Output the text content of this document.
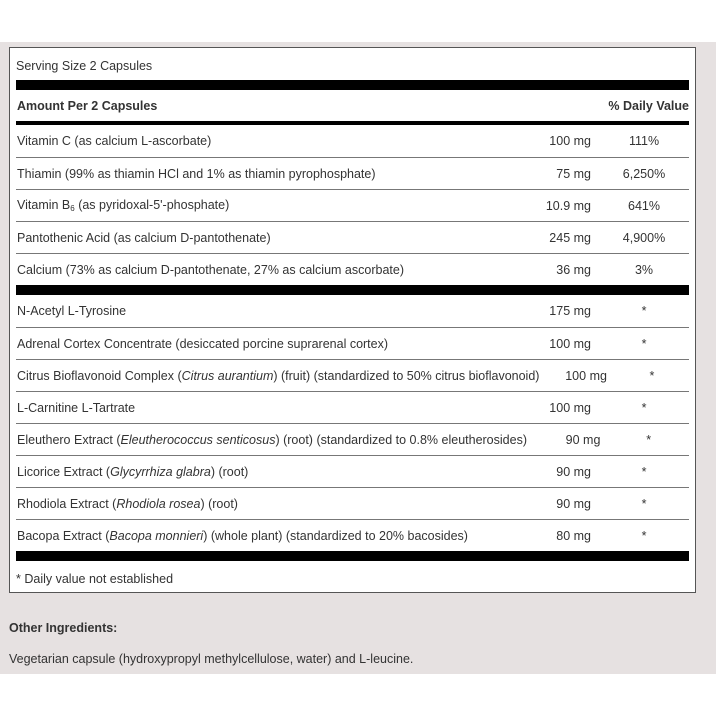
Serving Size 2 Capsules
Amount Per 2 Capsules	% Daily Value
Vitamin C (as calcium L-ascorbate)	100 mg	111%
Thiamin (99% as thiamin HCl and 1% as thiamin pyrophosphate)	75 mg	6,250%
Vitamin $B_6$ (as pyridoxal-5'-phosphate)	10.9 mg	641%
Pantothenic Acid (as calcium D-pantothenate)	245 mg	4,900%
Calcium (73% as calcium D-pantothenate, 27% as calcium ascorbate)	36 mg	3%
N-Acetyl L-Tyrosine	175 mg	*
Adrenal Cortex Concentrate (desiccated porcine suprarenal cortex)	100 mg	*
Citrus Bioflavonoid Complex (Citrus aurantium) (fruit) (standardized to 50% citrus bioflavonoid)	100 mg	*
L-Carnitine L-Tartrate	100 mg	*
Eleuthero Extract (Eleutherococcus senticosus) (root) (standardized to 0.8% eleutherosides)	90 mg	*
Licorice Extract (Glycyrrhiza glabra) (root)	90 mg	*
Rhodiola Extract (Rhodiola rosea) (root)	90 mg	*
Bacopa Extract (Bacopa monnieri) (whole plant) (standardized to 20% bacosides)	80 mg	*
* Daily value not established
Other Ingredients:
Vegetarian capsule (hydroxypropyl methylcellulose, water) and L-leucine.
